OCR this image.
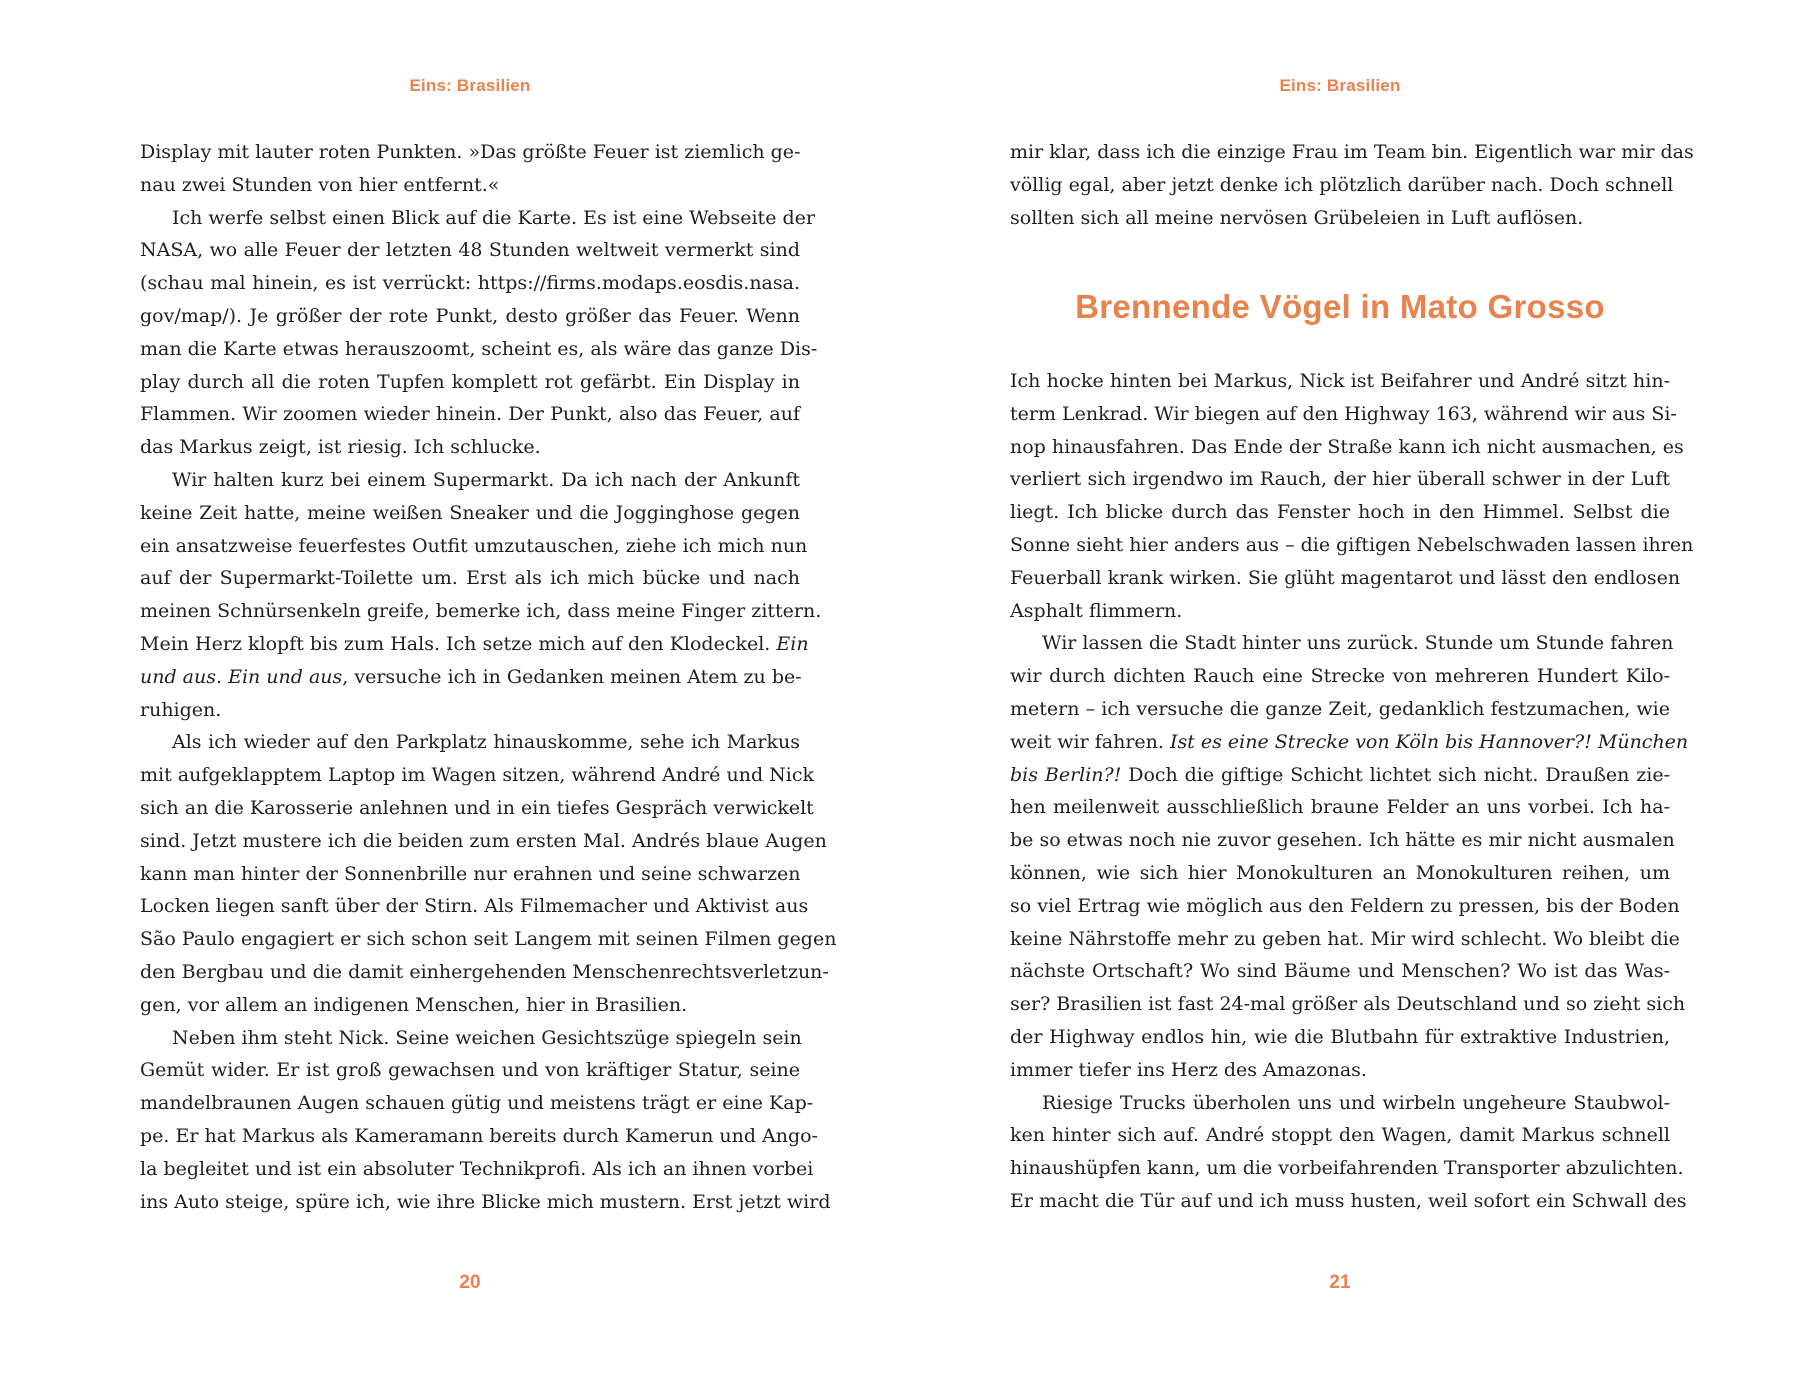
Eins: Brasilien
Display mit lauter roten Punkten. »Das größte Feuer ist ziemlich ge-
nau zwei Stunden von hier entfernt.«
Ich werfe selbst einen Blick auf die Karte. Es ist eine Webseite der
NASA, wo alle Feuer der letzten 48 Stunden weltweit vermerkt sind
(schau mal hinein, es ist verrückt: https://firms.modaps.eosdis.nasa.
gov/map/). Je größer der rote Punkt, desto größer das Feuer. Wenn
man die Karte etwas herauszoomt, scheint es, als wäre das ganze Dis-
play durch all die roten Tupfen komplett rot gefärbt. Ein Display in
Flammen. Wir zoomen wieder hinein. Der Punkt, also das Feuer, auf
das Markus zeigt, ist riesig. Ich schlucke.
Wir halten kurz bei einem Supermarkt. Da ich nach der Ankunft
keine Zeit hatte, meine weißen Sneaker und die Jogginghose gegen
ein ansatzweise feuerfestes Outfit umzutauschen, ziehe ich mich nun
auf der Supermarkt-Toilette um. Erst als ich mich bücke und nach
meinen Schnürsenkeln greife, bemerke ich, dass meine Finger zittern.
Mein Herz klopft bis zum Hals. Ich setze mich auf den Klodeckel. Ein
und aus. Ein und aus, versuche ich in Gedanken meinen Atem zu be-
ruhigen.
Als ich wieder auf den Parkplatz hinauskomme, sehe ich Markus
mit aufgeklapptem Laptop im Wagen sitzen, während André und Nick
sich an die Karosserie anlehnen und in ein tiefes Gespräch verwickelt
sind. Jetzt mustere ich die beiden zum ersten Mal. Andrés blaue Augen
kann man hinter der Sonnenbrille nur erahnen und seine schwarzen
Locken liegen sanft über der Stirn. Als Filmemacher und Aktivist aus
São Paulo engagiert er sich schon seit Langem mit seinen Filmen gegen
den Bergbau und die damit einhergehenden Menschenrechtsverletzun-
gen, vor allem an indigenen Menschen, hier in Brasilien.
Neben ihm steht Nick. Seine weichen Gesichtszüge spiegeln sein
Gemüt wider. Er ist groß gewachsen und von kräftiger Statur, seine
mandelbraunen Augen schauen gütig und meistens trägt er eine Kap-
pe. Er hat Markus als Kameramann bereits durch Kamerun und Ango-
la begleitet und ist ein absoluter Technikprofi. Als ich an ihnen vorbei
ins Auto steige, spüre ich, wie ihre Blicke mich mustern. Erst jetzt wird
20
Eins: Brasilien
mir klar, dass ich die einzige Frau im Team bin. Eigentlich war mir das
völlig egal, aber jetzt denke ich plötzlich darüber nach. Doch schnell
sollten sich all meine nervösen Grübeleien in Luft auflösen.
Brennende Vögel in Mato Grosso
Ich hocke hinten bei Markus, Nick ist Beifahrer und André sitzt hin-
term Lenkrad. Wir biegen auf den Highway 163, während wir aus Si-
nop hinausfahren. Das Ende der Straße kann ich nicht ausmachen, es
verliert sich irgendwo im Rauch, der hier überall schwer in der Luft
liegt. Ich blicke durch das Fenster hoch in den Himmel. Selbst die
Sonne sieht hier anders aus – die giftigen Nebelschwaden lassen ihren
Feuerball krank wirken. Sie glüht magentarot und lässt den endlosen
Asphalt flimmern.
Wir lassen die Stadt hinter uns zurück. Stunde um Stunde fahren
wir durch dichten Rauch eine Strecke von mehreren Hundert Kilo-
metern – ich versuche die ganze Zeit, gedanklich festzumachen, wie
weit wir fahren. Ist es eine Strecke von Köln bis Hannover?! München
bis Berlin?! Doch die giftige Schicht lichtet sich nicht. Draußen zie-
hen meilenweit ausschließlich braune Felder an uns vorbei. Ich ha-
be so etwas noch nie zuvor gesehen. Ich hätte es mir nicht ausmalen
können, wie sich hier Monokulturen an Monokulturen reihen, um
so viel Ertrag wie möglich aus den Feldern zu pressen, bis der Boden
keine Nährstoffe mehr zu geben hat. Mir wird schlecht. Wo bleibt die
nächste Ortschaft? Wo sind Bäume und Menschen? Wo ist das Was-
ser? Brasilien ist fast 24-mal größer als Deutschland und so zieht sich
der Highway endlos hin, wie die Blutbahn für extraktive Industrien,
immer tiefer ins Herz des Amazonas.
Riesige Trucks überholen uns und wirbeln ungeheure Staubwol-
ken hinter sich auf. André stoppt den Wagen, damit Markus schnell
hinaushüpfen kann, um die vorbeifahrenden Transporter abzulichten.
Er macht die Tür auf und ich muss husten, weil sofort ein Schwall des
21
